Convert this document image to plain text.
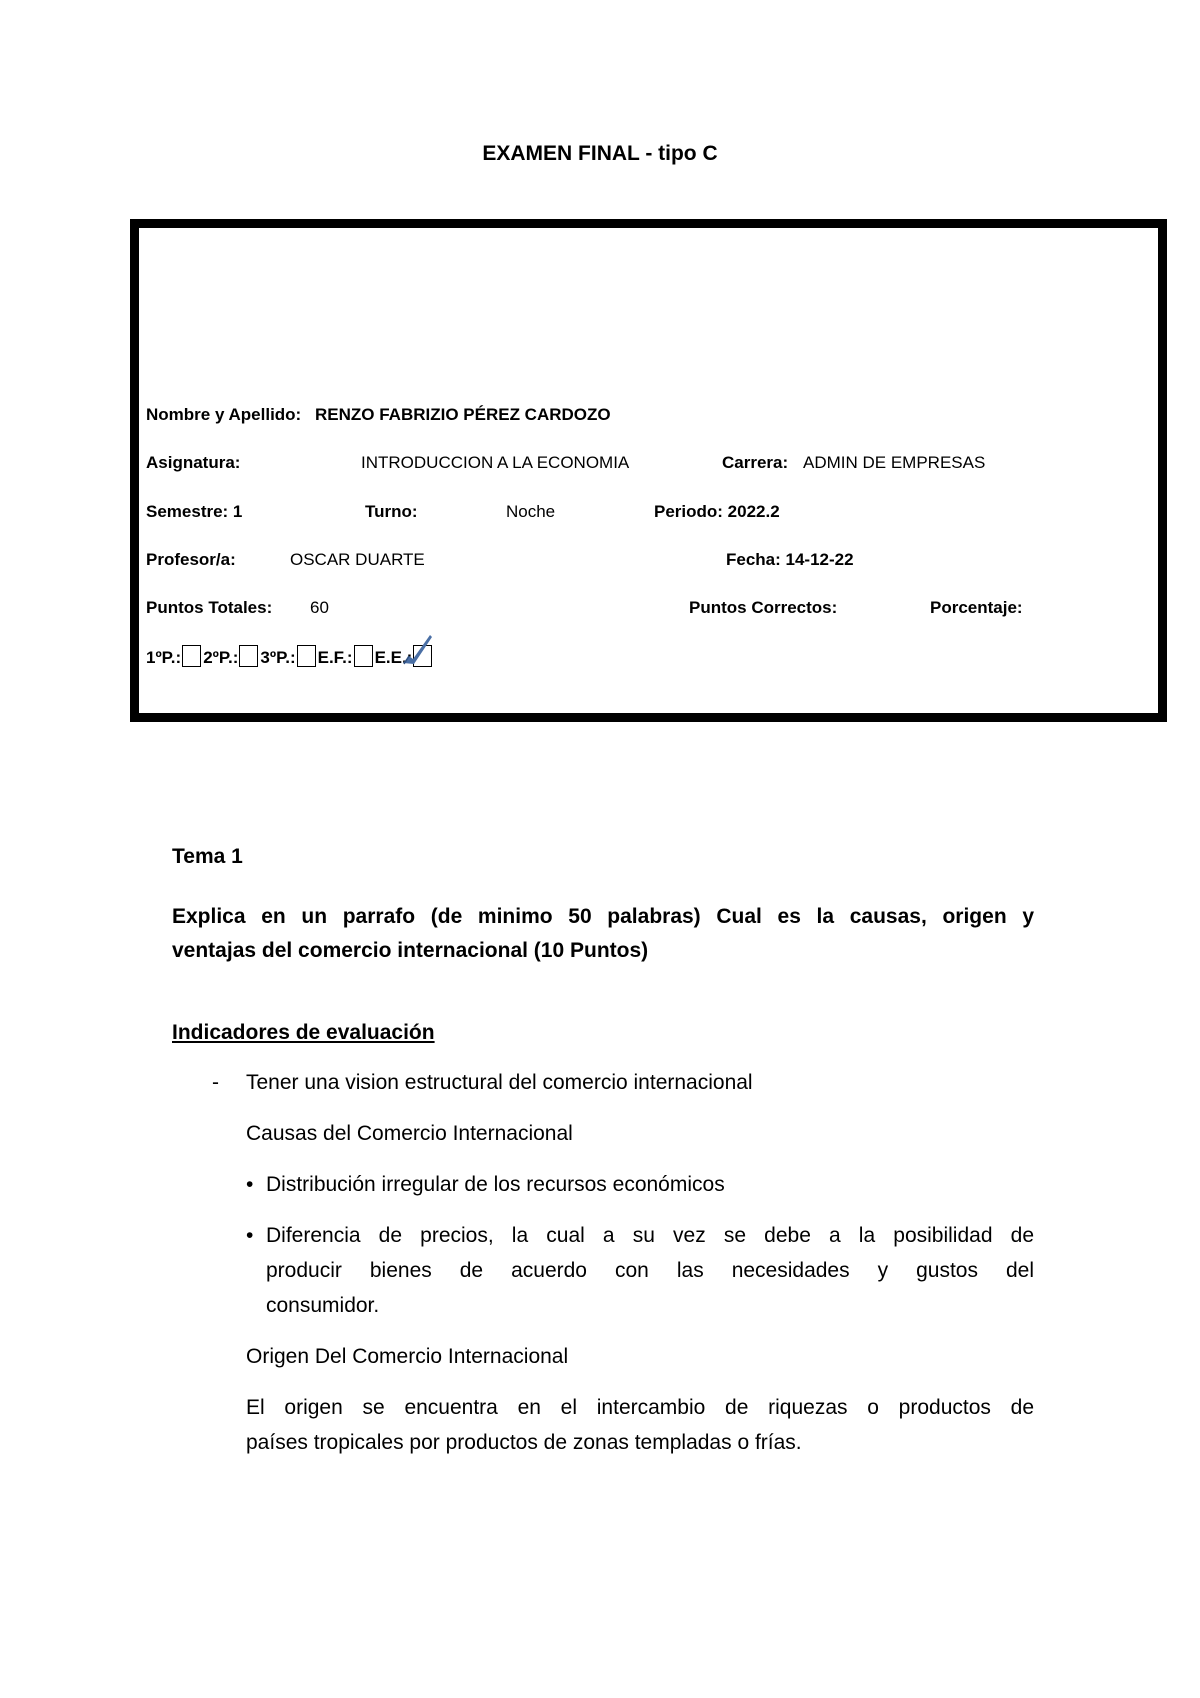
EXAMEN FINAL - tipo C
Nombre y Apellido: RENZO FABRIZIO PÉREZ CARDOZO
Asignatura:	INTRODUCCION A LA ECONOMIA	Carrera: ADMIN DE EMPRESAS
Semestre: 1	Turno:	Noche	Periodo: 2022.2
Profesor/a:	OSCAR DUARTE	Fecha: 14-12-22
Puntos Totales: 60	Puntos Correctos:	Porcentaje:
1ºP.: 2ºP.: 3ºP.: E.F.: E.E.:
Tema 1
Explica en un parrafo (de minimo 50 palabras) Cual es la causas, origen y
ventajas del comercio internacional (10 Puntos)
Indicadores de evaluación
- Tener una vision estructural del comercio internacional
Causas del Comercio Internacional
• Distribución irregular de los recursos económicos
• Diferencia de precios, la cual a su vez se debe a la posibilidad de
producir bienes de acuerdo con las necesidades y gustos del
consumidor.
Origen Del Comercio Internacional
El origen se encuentra en el intercambio de riquezas o productos de
países tropicales por productos de zonas templadas o frías.
